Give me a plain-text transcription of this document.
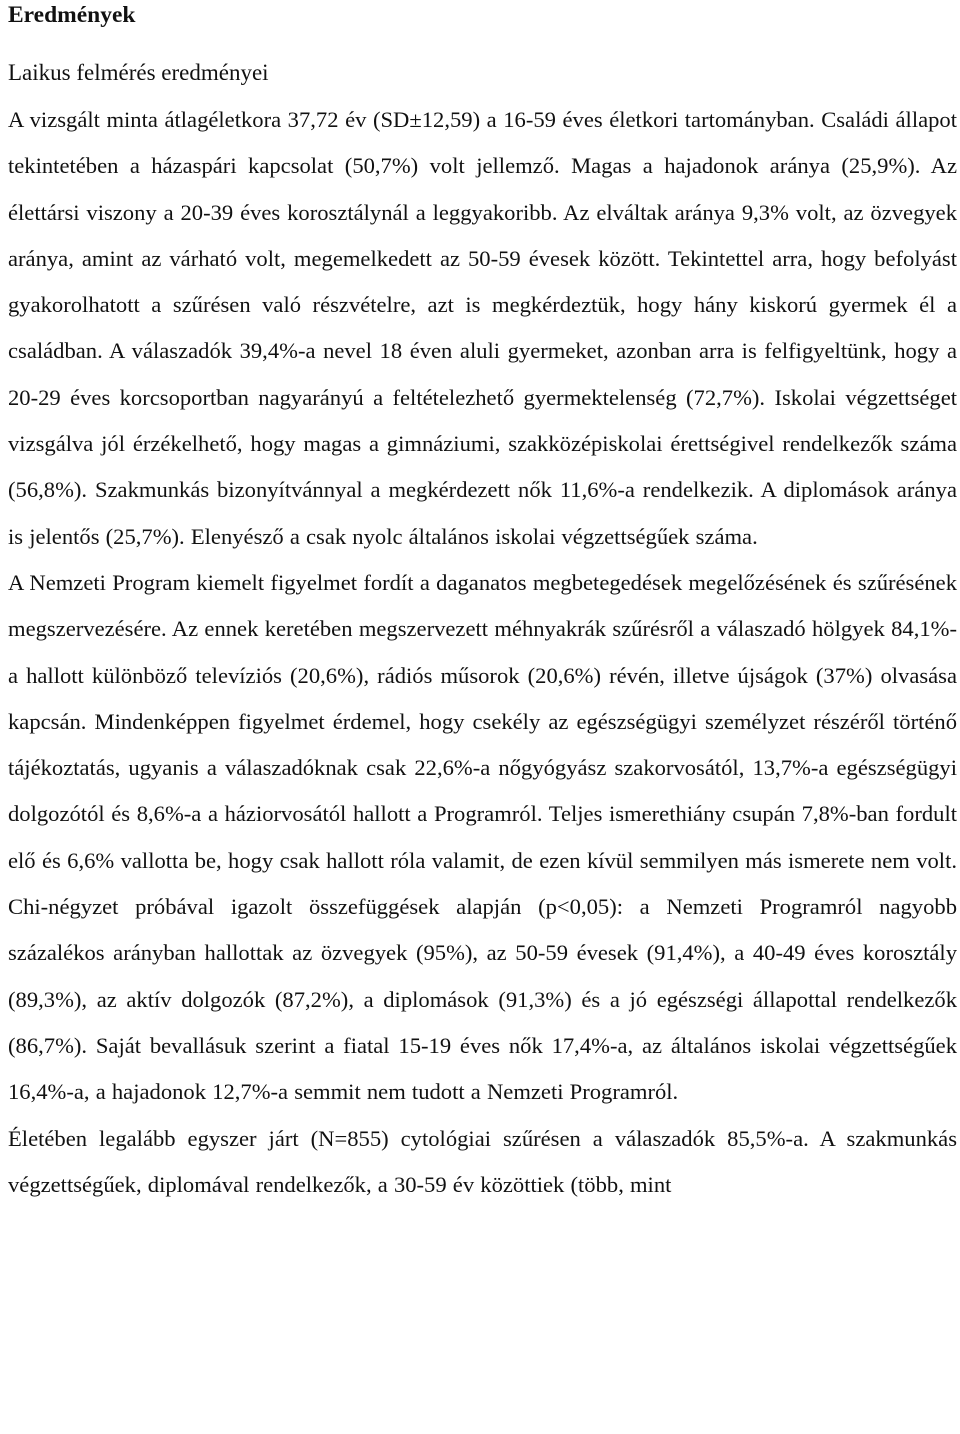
Eredmények
Laikus felmérés eredményei

A vizsgált minta átlagéletkora 37,72 év (SD±12,59) a 16-59 éves életkori tartományban. Családi állapot tekintetében a házaspári kapcsolat (50,7%) volt jellemző. Magas a hajadonok aránya (25,9%). Az élettársi viszony a 20-39 éves korosztálynál a leggyakoribb. Az elváltak aránya 9,3% volt, az özvegyek aránya, amint az várható volt, megemelkedett az 50-59 évesek között. Tekintettel arra, hogy befolyást gyakorolhatott a szűrésen való részvételre, azt is megkérdeztük, hogy hány kiskorú gyermek él a családban. A válaszadók 39,4%-a nevel 18 éven aluli gyermeket, azonban arra is felfigyeltünk, hogy a 20-29 éves korcsoportban nagyarányú a feltételezhető gyermektelenség (72,7%). Iskolai végzettséget vizsgálva jól érzékelhető, hogy magas a gimnáziumi, szakközépiskolai érettségivel rendelkezők száma (56,8%). Szakmunkás bizonyítvánnyal a megkérdezett nők 11,6%-a rendelkezik. A diplomások aránya is jelentős (25,7%). Elenyésző a csak nyolc általános iskolai végzettségűek száma.

A Nemzeti Program kiemelt figyelmet fordít a daganatos megbetegedések megelőzésének és szűrésének megszervezésére. Az ennek keretében megszervezett méhnyakrák szűrésről a válaszadó hölgyek 84,1%-a hallott különböző televíziós (20,6%), rádiós műsorok (20,6%) révén, illetve újságok (37%) olvasása kapcsán. Mindenképpen figyelmet érdemel, hogy csekély az egészségügyi személyzet részéről történő tájékoztatás, ugyanis a válaszadóknak csak 22,6%-a nőgyógyász szakorvosától, 13,7%-a egészségügyi dolgozótól és 8,6%-a a háziorvosától hallott a Programról. Teljes ismerethiány csupán 7,8%-ban fordult elő és 6,6% vallotta be, hogy csak hallott róla valamit, de ezen kívül semmilyen más ismerete nem volt. Chi-négyzet próbával igazolt összefüggések alapján (p<0,05): a Nemzeti Programról nagyobb százalékos arányban hallottak az özvegyek (95%), az 50-59 évesek (91,4%), a 40-49 éves korosztály (89,3%), az aktív dolgozók (87,2%), a diplomások (91,3%) és a jó egészségi állapottal rendelkezők (86,7%). Saját bevallásuk szerint a fiatal 15-19 éves nők 17,4%-a, az általános iskolai végzettségűek 16,4%-a, a hajadonok 12,7%-a semmit nem tudott a Nemzeti Programról.

Életében legalább egyszer járt (N=855) cytológiai szűrésen a válaszadók 85,5%-a. A szakmunkás végzettségűek, diplomával rendelkezők, a 30-59 év közöttiek (több, mint
